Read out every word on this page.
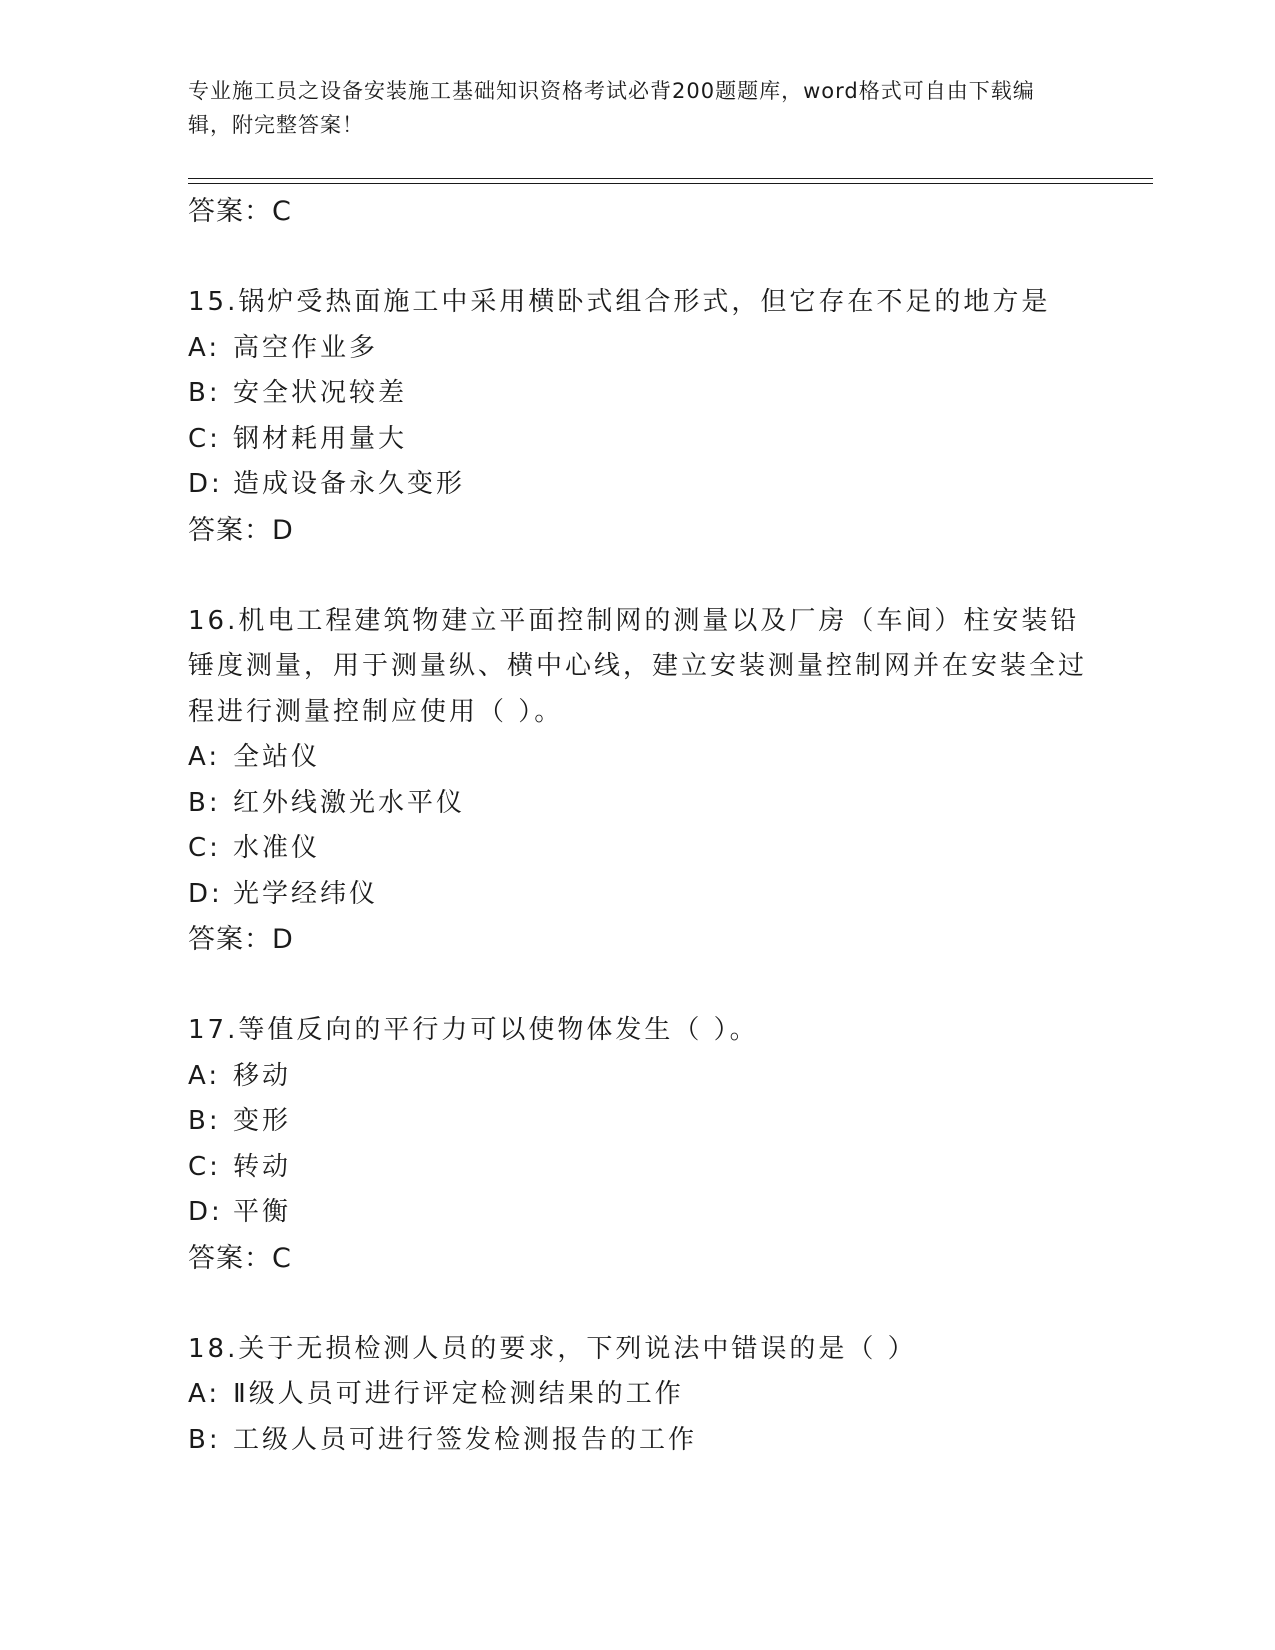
专业施工员之设备安装施工基础知识资格考试必背200题题库，word格式可自由下载编辑，附完整答案！
答案：C
15.锅炉受热面施工中采用横卧式组合形式，但它存在不足的地方是
A: 高空作业多
B: 安全状况较差
C: 钢材耗用量大
D: 造成设备永久变形
答案：D
16.机电工程建筑物建立平面控制网的测量以及厂房（车间）柱安装铅锤度测量，用于测量纵、横中心线，建立安装测量控制网并在安装全过程进行测量控制应使用（ ）。
A: 全站仪
B: 红外线激光水平仪
C: 水准仪
D: 光学经纬仪
答案：D
17.等值反向的平行力可以使物体发生（ ）。
A: 移动
B: 变形
C: 转动
D: 平衡
答案：C
18.关于无损检测人员的要求，下列说法中错误的是（ ）
A: Ⅱ级人员可进行评定检测结果的工作
B: 工级人员可进行签发检测报告的工作
